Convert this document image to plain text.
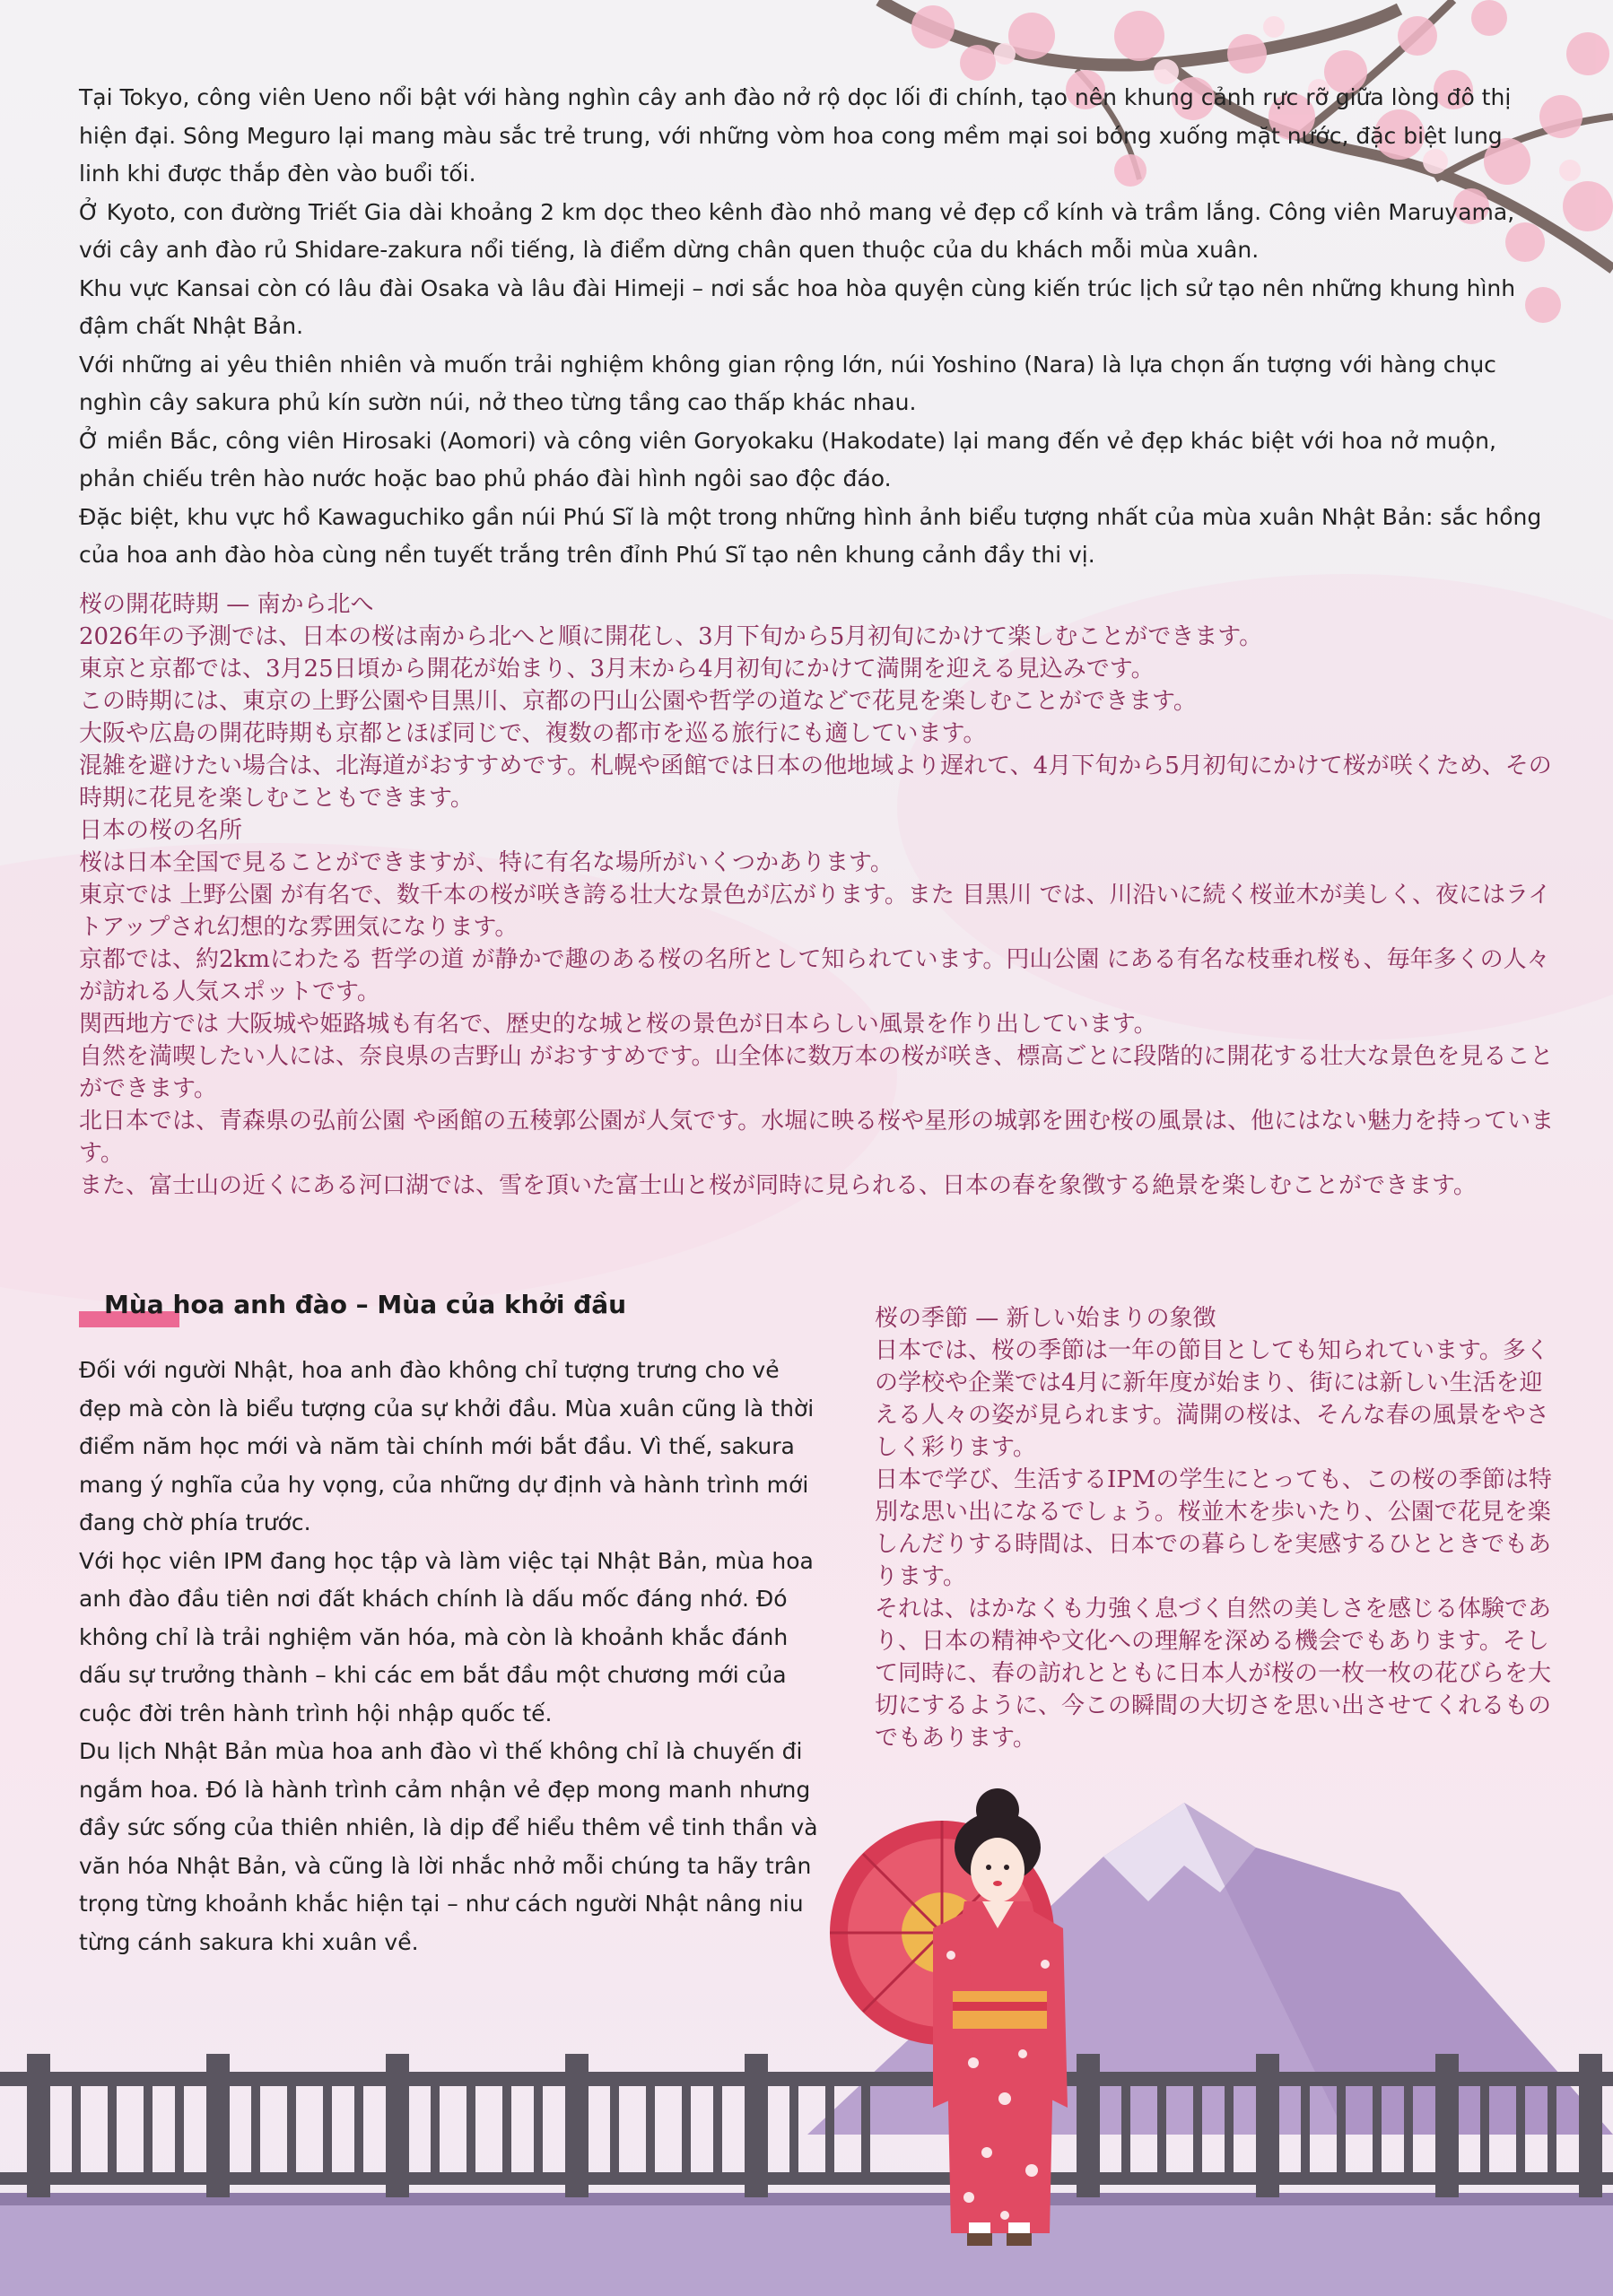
Tại Tokyo, công viên Ueno nổi bật với hàng nghìn cây anh đào nở rộ dọc lối đi chính, tạo nên khung cảnh rực rỡ giữa lòng đô thị hiện đại. Sông Meguro lại mang màu sắc trẻ trung, với những vòm hoa cong mềm mại soi bóng xuống mặt nước, đặc biệt lung linh khi được thắp đèn vào buổi tối.

Ở Kyoto, con đường Triết Gia dài khoảng 2 km dọc theo kênh đào nhỏ mang vẻ đẹp cổ kính và trầm lắng. Công viên Maruyama, với cây anh đào rủ Shidare-zakura nổi tiếng, là điểm dừng chân quen thuộc của du khách mỗi mùa xuân.

Khu vực Kansai còn có lâu đài Osaka và lâu đài Himeji – nơi sắc hoa hòa quyện cùng kiến trúc lịch sử tạo nên những khung hình đậm chất Nhật Bản.

Với những ai yêu thiên nhiên và muốn trải nghiệm không gian rộng lớn, núi Yoshino (Nara) là lựa chọn ấn tượng với hàng chục nghìn cây sakura phủ kín sườn núi, nở theo từng tầng cao thấp khác nhau.

Ở miền Bắc, công viên Hirosaki (Aomori) và công viên Goryokaku (Hakodate) lại mang đến vẻ đẹp khác biệt với hoa nở muộn, phản chiếu trên hào nước hoặc bao phủ pháo đài hình ngôi sao độc đáo.

Đặc biệt, khu vực hồ Kawaguchiko gần núi Phú Sĩ là một trong những hình ảnh biểu tượng nhất của mùa xuân Nhật Bản: sắc hồng của hoa anh đào hòa cùng nền tuyết trắng trên đỉnh Phú Sĩ tạo nên khung cảnh đầy thi vị.

桜の開花時期 — 南から北へ

2026年の予測では、日本の桜は南から北へと順に開花し、3月下旬から5月初旬にかけて楽しむことができます。

東京と京都では、3月25日頃から開花が始まり、3月末から4月初旬にかけて満開を迎える見込みです。

この時期には、東京の上野公園や目黒川、京都の円山公園や哲学の道などで花見を楽しむことができます。

大阪や広島の開花時期も京都とほぼ同じで、複数の都市を巡る旅行にも適しています。

混雑を避けたい場合は、北海道がおすすめです。札幌や函館では日本の他地域より遅れて、4月下旬から5月初旬にかけて桜が咲くため、その時期に花見を楽しむこともできます。

日本の桜の名所

桜は日本全国で見ることができますが、特に有名な場所がいくつかあります。

東京では 上野公園 が有名で、数千本の桜が咲き誇る壮大な景色が広がります。また 目黒川 では、川沿いに続く桜並木が美しく、夜にはライトアップされ幻想的な雰囲気になります。

京都では、約2kmにわたる 哲学の道 が静かで趣のある桜の名所として知られています。円山公園 にある有名な枝垂れ桜も、毎年多くの人々が訪れる人気スポットです。

関西地方では 大阪城や姫路城も有名で、歴史的な城と桜の景色が日本らしい風景を作り出しています。

自然を満喫したい人には、奈良県の吉野山 がおすすめです。山全体に数万本の桜が咲き、標高ごとに段階的に開花する壮大な景色を見ることができます。

北日本では、青森県の弘前公園 や函館の五稜郭公園が人気です。水堀に映る桜や星形の城郭を囲む桜の風景は、他にはない魅力を持っています。

また、富士山の近くにある河口湖では、雪を頂いた富士山と桜が同時に見られる、日本の春を象徴する絶景を楽しむことができます。

Mùa hoa anh đào – Mùa của khởi đầu

Đối với người Nhật, hoa anh đào không chỉ tượng trưng cho vẻ đẹp mà còn là biểu tượng của sự khởi đầu. Mùa xuân cũng là thời điểm năm học mới và năm tài chính mới bắt đầu. Vì thế, sakura mang ý nghĩa của hy vọng, của những dự định và hành trình mới đang chờ phía trước.

Với học viên IPM đang học tập và làm việc tại Nhật Bản, mùa hoa anh đào đầu tiên nơi đất khách chính là dấu mốc đáng nhớ. Đó không chỉ là trải nghiệm văn hóa, mà còn là khoảnh khắc đánh dấu sự trưởng thành – khi các em bắt đầu một chương mới của cuộc đời trên hành trình hội nhập quốc tế.

Du lịch Nhật Bản mùa hoa anh đào vì thế không chỉ là chuyến đi ngắm hoa. Đó là hành trình cảm nhận vẻ đẹp mong manh nhưng đầy sức sống của thiên nhiên, là dịp để hiểu thêm về tinh thần và văn hóa Nhật Bản, và cũng là lời nhắc nhở mỗi chúng ta hãy trân trọng từng khoảnh khắc hiện tại – như cách người Nhật nâng niu từng cánh sakura khi xuân về.

桜の季節 — 新しい始まりの象徴

日本では、桜の季節は一年の節目としても知られています。多くの学校や企業では4月に新年度が始まり、街には新しい生活を迎える人々の姿が見られます。満開の桜は、そんな春の風景をやさしく彩ります。

日本で学び、生活するIPMの学生にとっても、この桜の季節は特別な思い出になるでしょう。桜並木を歩いたり、公園で花見を楽しんだりする時間は、日本での暮らしを実感するひとときでもあります。

それは、はかなくも力強く息づく自然の美しさを感じる体験であり、日本の精神や文化への理解を深める機会でもあります。そして同時に、春の訪れとともに日本人が桜の一枚一枚の花びらを大切にするように、今この瞬間の大切さを思い出させてくれるものでもあります。
